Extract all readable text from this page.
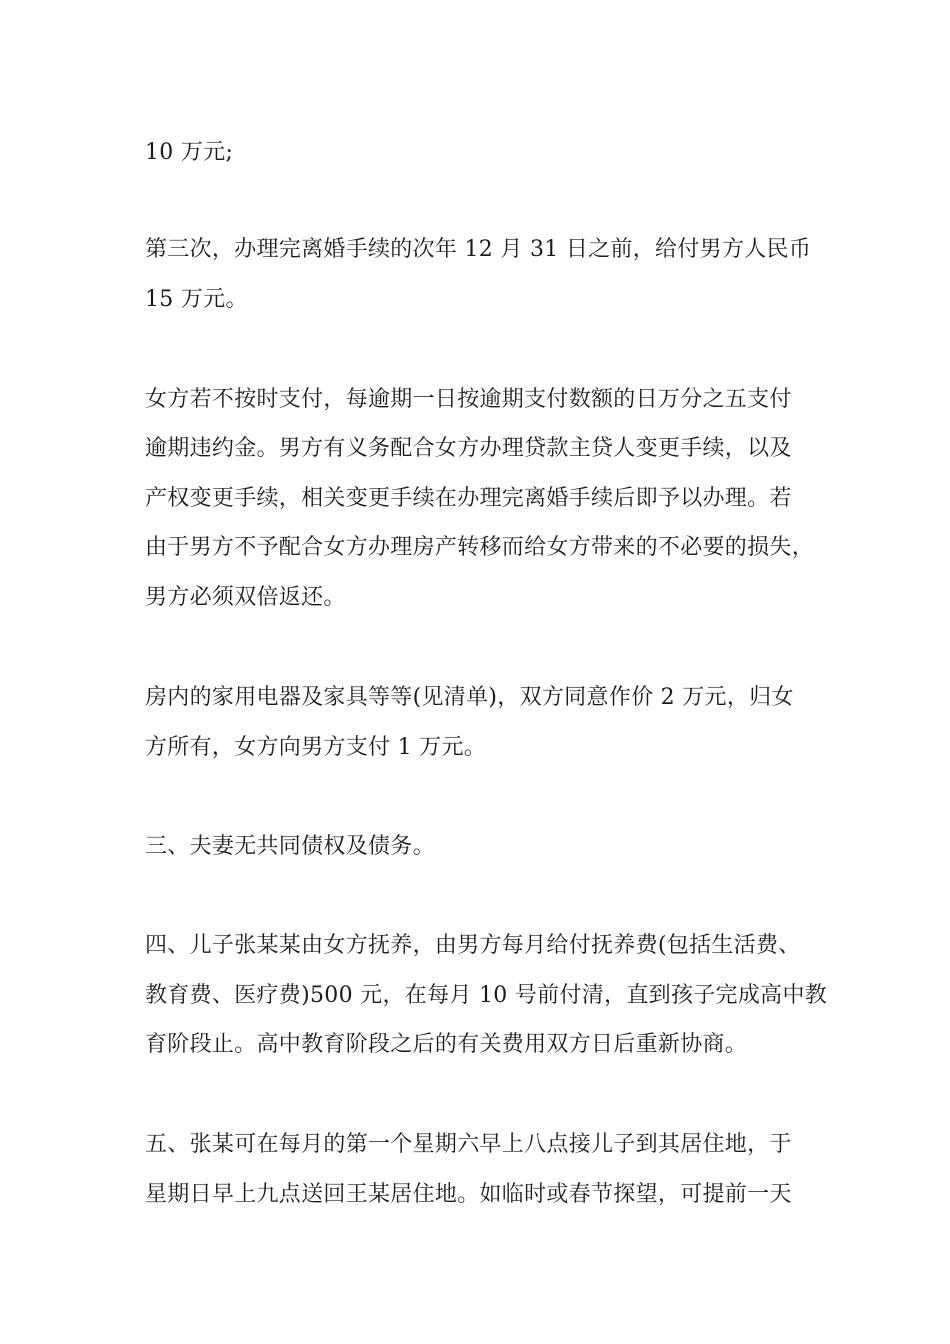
10 万元;

第三次，办理完离婚手续的次年 12 月 31 日之前，给付男方人民币

15 万元。

女方若不按时支付，每逾期一日按逾期支付数额的日万分之五支付

逾期违约金。男方有义务配合女方办理贷款主贷人变更手续，以及

产权变更手续，相关变更手续在办理完离婚手续后即予以办理。若

由于男方不予配合女方办理房产转移而给女方带来的不必要的损失，

男方必须双倍返还。

房内的家用电器及家具等等(见清单)，双方同意作价 2 万元，归女

方所有，女方向男方支付 1 万元。

三、夫妻无共同债权及债务。

四、儿子张某某由女方抚养，由男方每月给付抚养费(包括生活费、

教育费、医疗费)500 元，在每月 10 号前付清，直到孩子完成高中教

育阶段止。高中教育阶段之后的有关费用双方日后重新协商。

五、张某可在每月的第一个星期六早上八点接儿子到其居住地，于

星期日早上九点送回王某居住地。如临时或春节探望，可提前一天
